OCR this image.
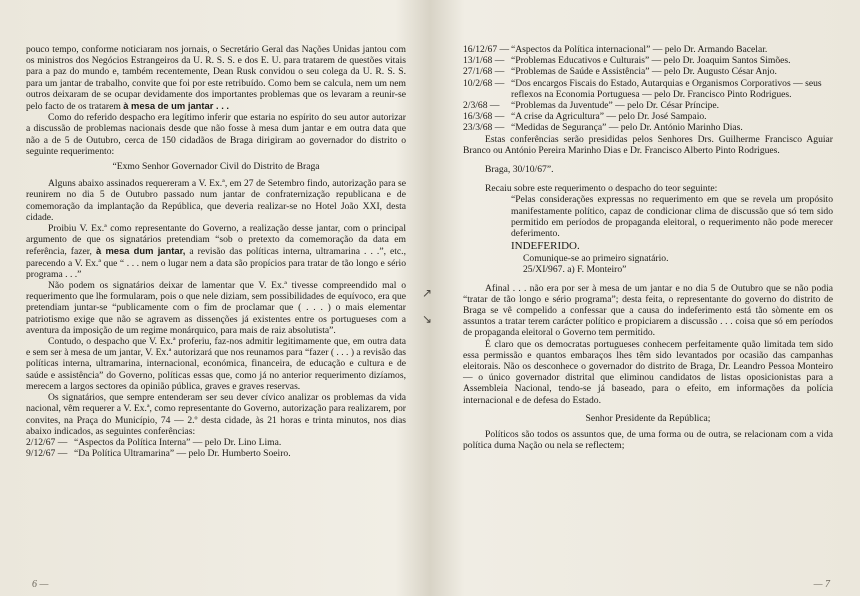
pouco tempo, conforme noticiaram nos jornais, o Secretário Geral das Nações Unidas jantou com os ministros dos Negócios Estrangeiros da U. R. S. S. e dos E. U. para tratarem de questões vitais para a paz do mundo e, também recentemente, Dean Rusk convidou o seu colega da U. R. S. S. para um jantar de trabalho, convite que foi por este retribuído. Como bem se calcula, nem um nem outros deixaram de se ocupar devidamente dos importantes problemas que os levaram a reunir-se pelo facto de os tratarem à mesa de um jantar . . .

Como do referido despacho era legítimo inferir que estaria no espírito do seu autor autorizar a discussão de problemas nacionais desde que não fosse à mesa dum jantar e em outra data que não a de 5 de Outubro, cerca de 150 cidadãos de Braga dirigiram ao governador do distrito o seguinte requerimento:

“Exmo Senhor Governador Civil do Distrito de Braga

Alguns abaixo assinados requereram a V. Ex.ª, em 27 de Setembro findo, autorização para se reunirem no dia 5 de Outubro passado num jantar de confraternização republicana e de comemoração da implantação da República, que deveria realizar-se no Hotel João XXI, desta cidade.

Proibiu V. Ex.ª como representante do Governo, a realização desse jantar, com o principal argumento de que os signatários pretendiam “sob o pretexto da comemoração da data em referência, fazer, à mesa dum jantar, a revisão das políticas interna, ultramarina . . .”, etc., parecendo a V. Ex.ª que “ . . . nem o lugar nem a data são propícios para tratar de tão longo e sério programa . . .”

Não podem os signatários deixar de lamentar que V. Ex.ª tivesse compreendido mal o requerimento que lhe formularam, pois o que nele diziam, sem possibilidades de equívoco, era que pretendiam juntar-se “publicamente com o fim de proclamar que ( . . . ) o mais elementar patriotismo exige que não se agravem as dissenções já existentes entre os portugueses com a aventura da imposição de um regime monárquico, para mais de raiz absolutista”.

Contudo, o despacho que V. Ex.ª proferiu, faz-nos admitir legitimamente que, em outra data e sem ser à mesa de um jantar, V. Ex.ª autorizará que nos reunamos para “fazer ( . . . ) a revisão das políticas interna, ultramarina, internacional, económica, financeira, de educação e cultura e de saúde e assistência” do Governo, políticas essas que, como já no anterior requerimento dizíamos, merecem a largos sectores da opinião pública, graves e graves reservas.

Os signatários, que sempre entenderam ser seu dever cívico analizar os problemas da vida nacional, vêm requerer a V. Ex.ª, como representante do Governo, autorização para realizarem, por convites, na Praça do Município, 74 — 2.º desta cidade, às 21 horas e trinta minutos, nos dias abaixo indicados, as seguintes conferências:

2/12/67 — “Aspectos da Política Interna” — pelo Dr. Lino Lima.
9/12/67 — “Da Política Ultramarina” — pelo Dr. Humberto Soeiro.
6 —
↗
↘
16/12/67 — “Aspectos da Política internacional” — pelo Dr. Armando Bacelar.
13/1/68 — “Problemas Educativos e Culturais” — pelo Dr. Joaquim Santos Simões.
27/1/68 — “Problemas de Saúde e Assistência” — pelo Dr. Augusto César Anjo.
10/2/68 — “Dos encargos Fiscais do Estado, Autarquias e Organismos Corporativos — seus reflexos na Economia Portuguesa — pelo Dr. Francisco Pinto Rodrigues.
2/3/68 —	“Problemas da Juventude” — pelo Dr. César Príncipe.
16/3/68 — “A crise da Agricultura” — pelo Dr. José Sampaio.
23/3/68 — “Medidas de Segurança” — pelo Dr. António Marinho Dias.

Estas conferências serão presididas pelos Senhores Drs. Guilherme Francisco Aguiar Branco ou António Pereira Marinho Dias e Dr. Francisco Alberto Pinto Rodrigues.

Braga, 30/10/67”.

Recaiu sobre este requerimento o despacho do teor seguinte:

“Pelas considerações expressas no requerimento em que se revela um propósito manifestamente político, capaz de condicionar clima de discussão que só tem sido permitido em períodos de propaganda eleitoral, o requerimento não pode merecer deferimento.

INDEFERIDO.

Comunique-se ao primeiro signatário.

25/XI/967. a) F. Monteiro”

Afinal . . . não era por ser à mesa de um jantar e no dia 5 de Outubro que se não podia “tratar de tão longo e sério programa”; desta feita, o representante do governo do distrito de Braga se vê compelido a confessar que a causa do indeferimento está tão sòmente em os assuntos a tratar terem carácter político e propiciarem a discussão . . . coisa que só em períodos de propaganda eleitoral o Governo tem permitido.

É claro que os democratas portugueses conhecem perfeitamente quão limitada tem sido essa permissão e quantos embaraços lhes têm sido levantados por ocasião das campanhas eleitorais. Não os desconhece o governador do distrito de Braga, Dr. Leandro Pessoa Monteiro — o único governador distrital que eliminou candidatos de listas oposicionistas para a Assembleia Nacional, tendo-se já baseado, para o efeito, em informações da polícia internacional e de defesa do Estado.

Senhor Presidente da República;

Políticos são todos os assuntos que, de uma forma ou de outra, se relacionam com a vida política duma Nação ou nela se reflectem;

— 7
